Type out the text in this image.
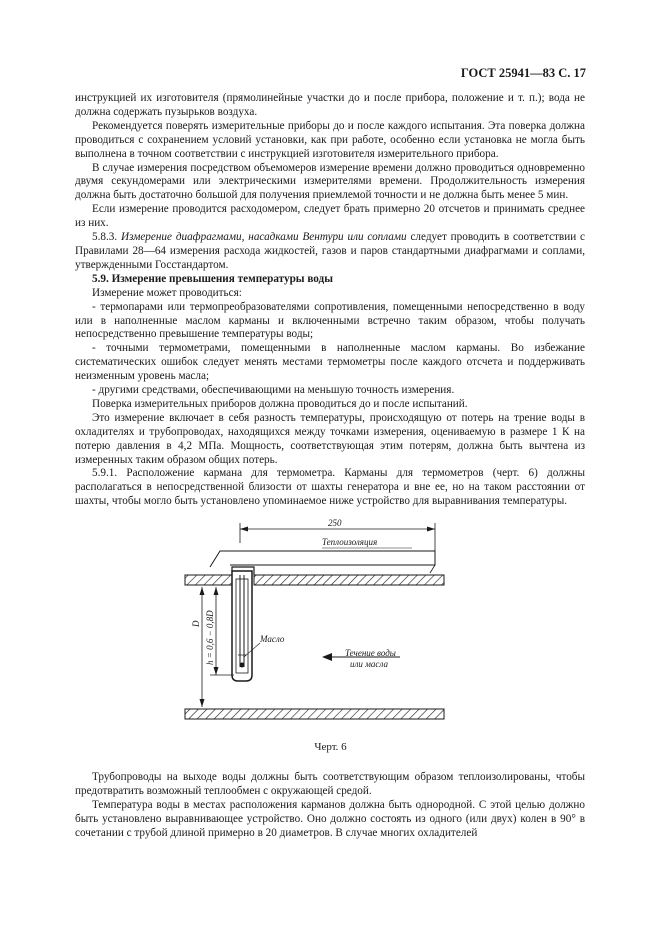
ГОСТ 25941—83 С. 17

инструкцией их изготовителя (прямолинейные участки до и после прибора, положение и т. п.); вода не должна содержать пузырьков воздуха.

Рекомендуется поверять измерительные приборы до и после каждого испытания. Эта поверка должна проводиться с сохранением условий установки, как при работе, особенно если установка не могла быть выполнена в точном соответствии с инструкцией изготовителя измерительного прибора.

В случае измерения посредством объемомеров измерение времени должно проводиться одновременно двумя секундомерами или электрическими измерителями времени. Продолжительность измерения должна быть достаточно большой для получения приемлемой точности и не должна быть менее 5 мин.

Если измерение проводится расходомером, следует брать примерно 20 отсчетов и принимать среднее из них.

5.8.3. Измерение диафрагмами, насадками Вентури или соплами следует проводить в соответствии с Правилами 28—64 измерения расхода жидкостей, газов и паров стандартными диафрагмами и соплами, утвержденными Госстандартом.

5.9. Измерение превышения температуры воды

Измерение может проводиться:

- термопарами или термопреобразователями сопротивления, помещенными непосредственно в воду или в наполненные маслом карманы и включенными встречно таким образом, чтобы получать непосредственно превышение температуры воды;

- точными термометрами, помещенными в наполненные маслом карманы. Во избежание систематических ошибок следует менять местами термометры после каждого отсчета и поддерживать неизменным уровень масла;

- другими средствами, обеспечивающими на меньшую точность измерения.

Поверка измерительных приборов должна проводиться до и после испытаний.

Это измерение включает в себя разность температуры, происходящую от потерь на трение воды в охладителях и трубопроводах, находящихся между точками измерения, оцениваемую в размере 1 К на потерю давления в 4,2 МПа. Мощность, соответствующая этим потерям, должна быть вычтена из измеренных таким образом общих потерь.

5.9.1. Расположение кармана для термометра. Карманы для термометров (черт. 6) должны располагаться в непосредственной близости от шахты генератора и вне ее, но на таком расстоянии от шахты, чтобы могло быть установлено упоминаемое ниже устройство для выравнивания температуры.

250
Теплоизоляция
Масло
h = 0,6 − 0,8D
D
Течение воды
или масла
Черт. 6

Трубопроводы на выходе воды должны быть соответствующим образом теплоизолированы, чтобы предотвратить возможный теплообмен с окружающей средой.

Температура воды в местах расположения карманов должна быть однородной. С этой целью должно быть установлено выравнивающее устройство. Оно должно состоять из одного (или двух) колен в 90° в сочетании с трубой длиной примерно в 20 диаметров. В случае многих охладителей
